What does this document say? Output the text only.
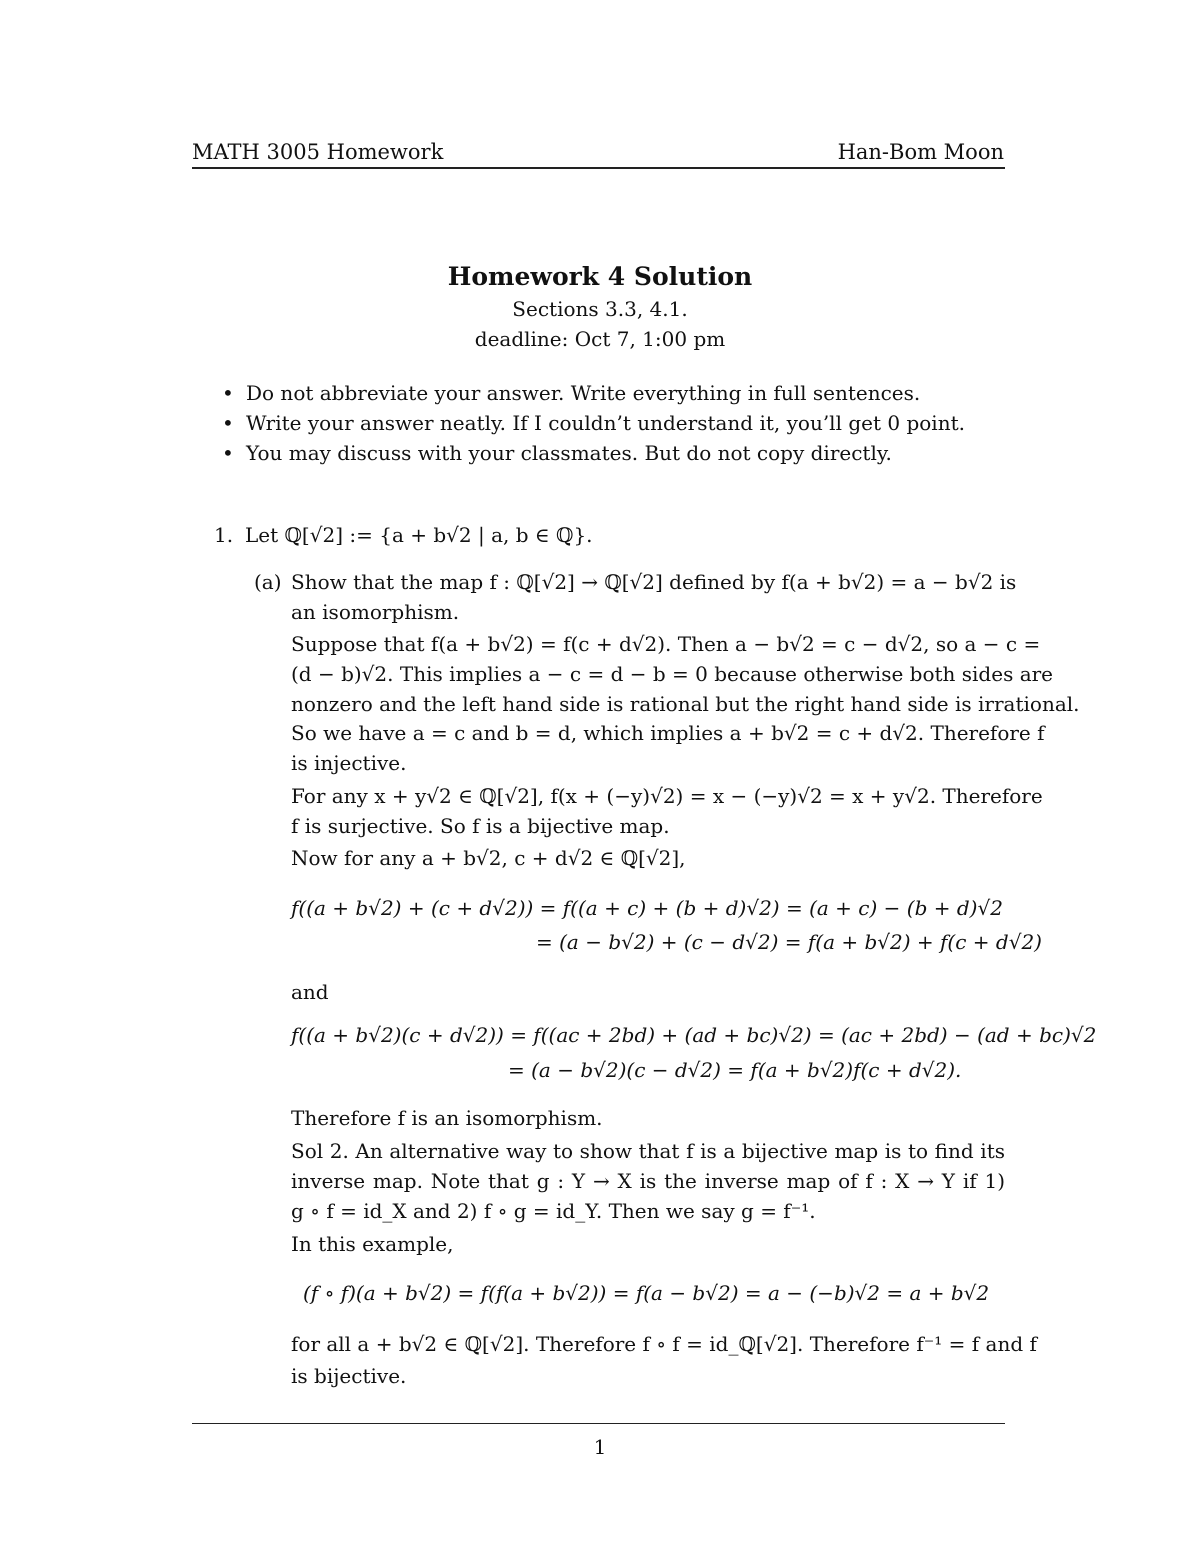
MATH 3005 Homework	Han-Bom Moon
Homework 4 Solution
Sections 3.3, 4.1.
deadline: Oct 7, 1:00 pm
• Do not abbreviate your answer. Write everything in full sentences.
• Write your answer neatly. If I couldn’t understand it, you’ll get 0 point.
• You may discuss with your classmates. But do not copy directly.
1. Let ℚ[√2] := {a + b√2 | a, b ∈ ℚ}.
(a) Show that the map f : ℚ[√2] → ℚ[√2] defined by f(a + b√2) = a − b√2 is
an isomorphism.
Suppose that f(a + b√2) = f(c + d√2). Then a − b√2 = c − d√2, so a − c =
(d − b)√2. This implies a − c = d − b = 0 because otherwise both sides are
nonzero and the left hand side is rational but the right hand side is irrational.
So we have a = c and b = d, which implies a + b√2 = c + d√2. Therefore f
is injective.
For any x + y√2 ∈ ℚ[√2], f(x + (−y)√2) = x − (−y)√2 = x + y√2. Therefore
f is surjective. So f is a bijective map.
Now for any a + b√2, c + d√2 ∈ ℚ[√2],
f((a + b√2) + (c + d√2)) = f((a + c) + (b + d)√2) = (a + c) − (b + d)√2
= (a − b√2) + (c − d√2) = f(a + b√2) + f(c + d√2)
and
f((a + b√2)(c + d√2)) = f((ac + 2bd) + (ad + bc)√2) = (ac + 2bd) − (ad + bc)√2
= (a − b√2)(c − d√2) = f(a + b√2)f(c + d√2).
Therefore f is an isomorphism.
Sol 2. An alternative way to show that f is a bijective map is to find its
inverse map. Note that g : Y → X is the inverse map of f : X → Y if 1)
g ∘ f = id_X and 2) f ∘ g = id_Y. Then we say g = f⁻¹.
In this example,
(f ∘ f)(a + b√2) = f(f(a + b√2)) = f(a − b√2) = a − (−b)√2 = a + b√2
for all a + b√2 ∈ ℚ[√2]. Therefore f ∘ f = id_ℚ[√2]. Therefore f⁻¹ = f and f
is bijective.
1
